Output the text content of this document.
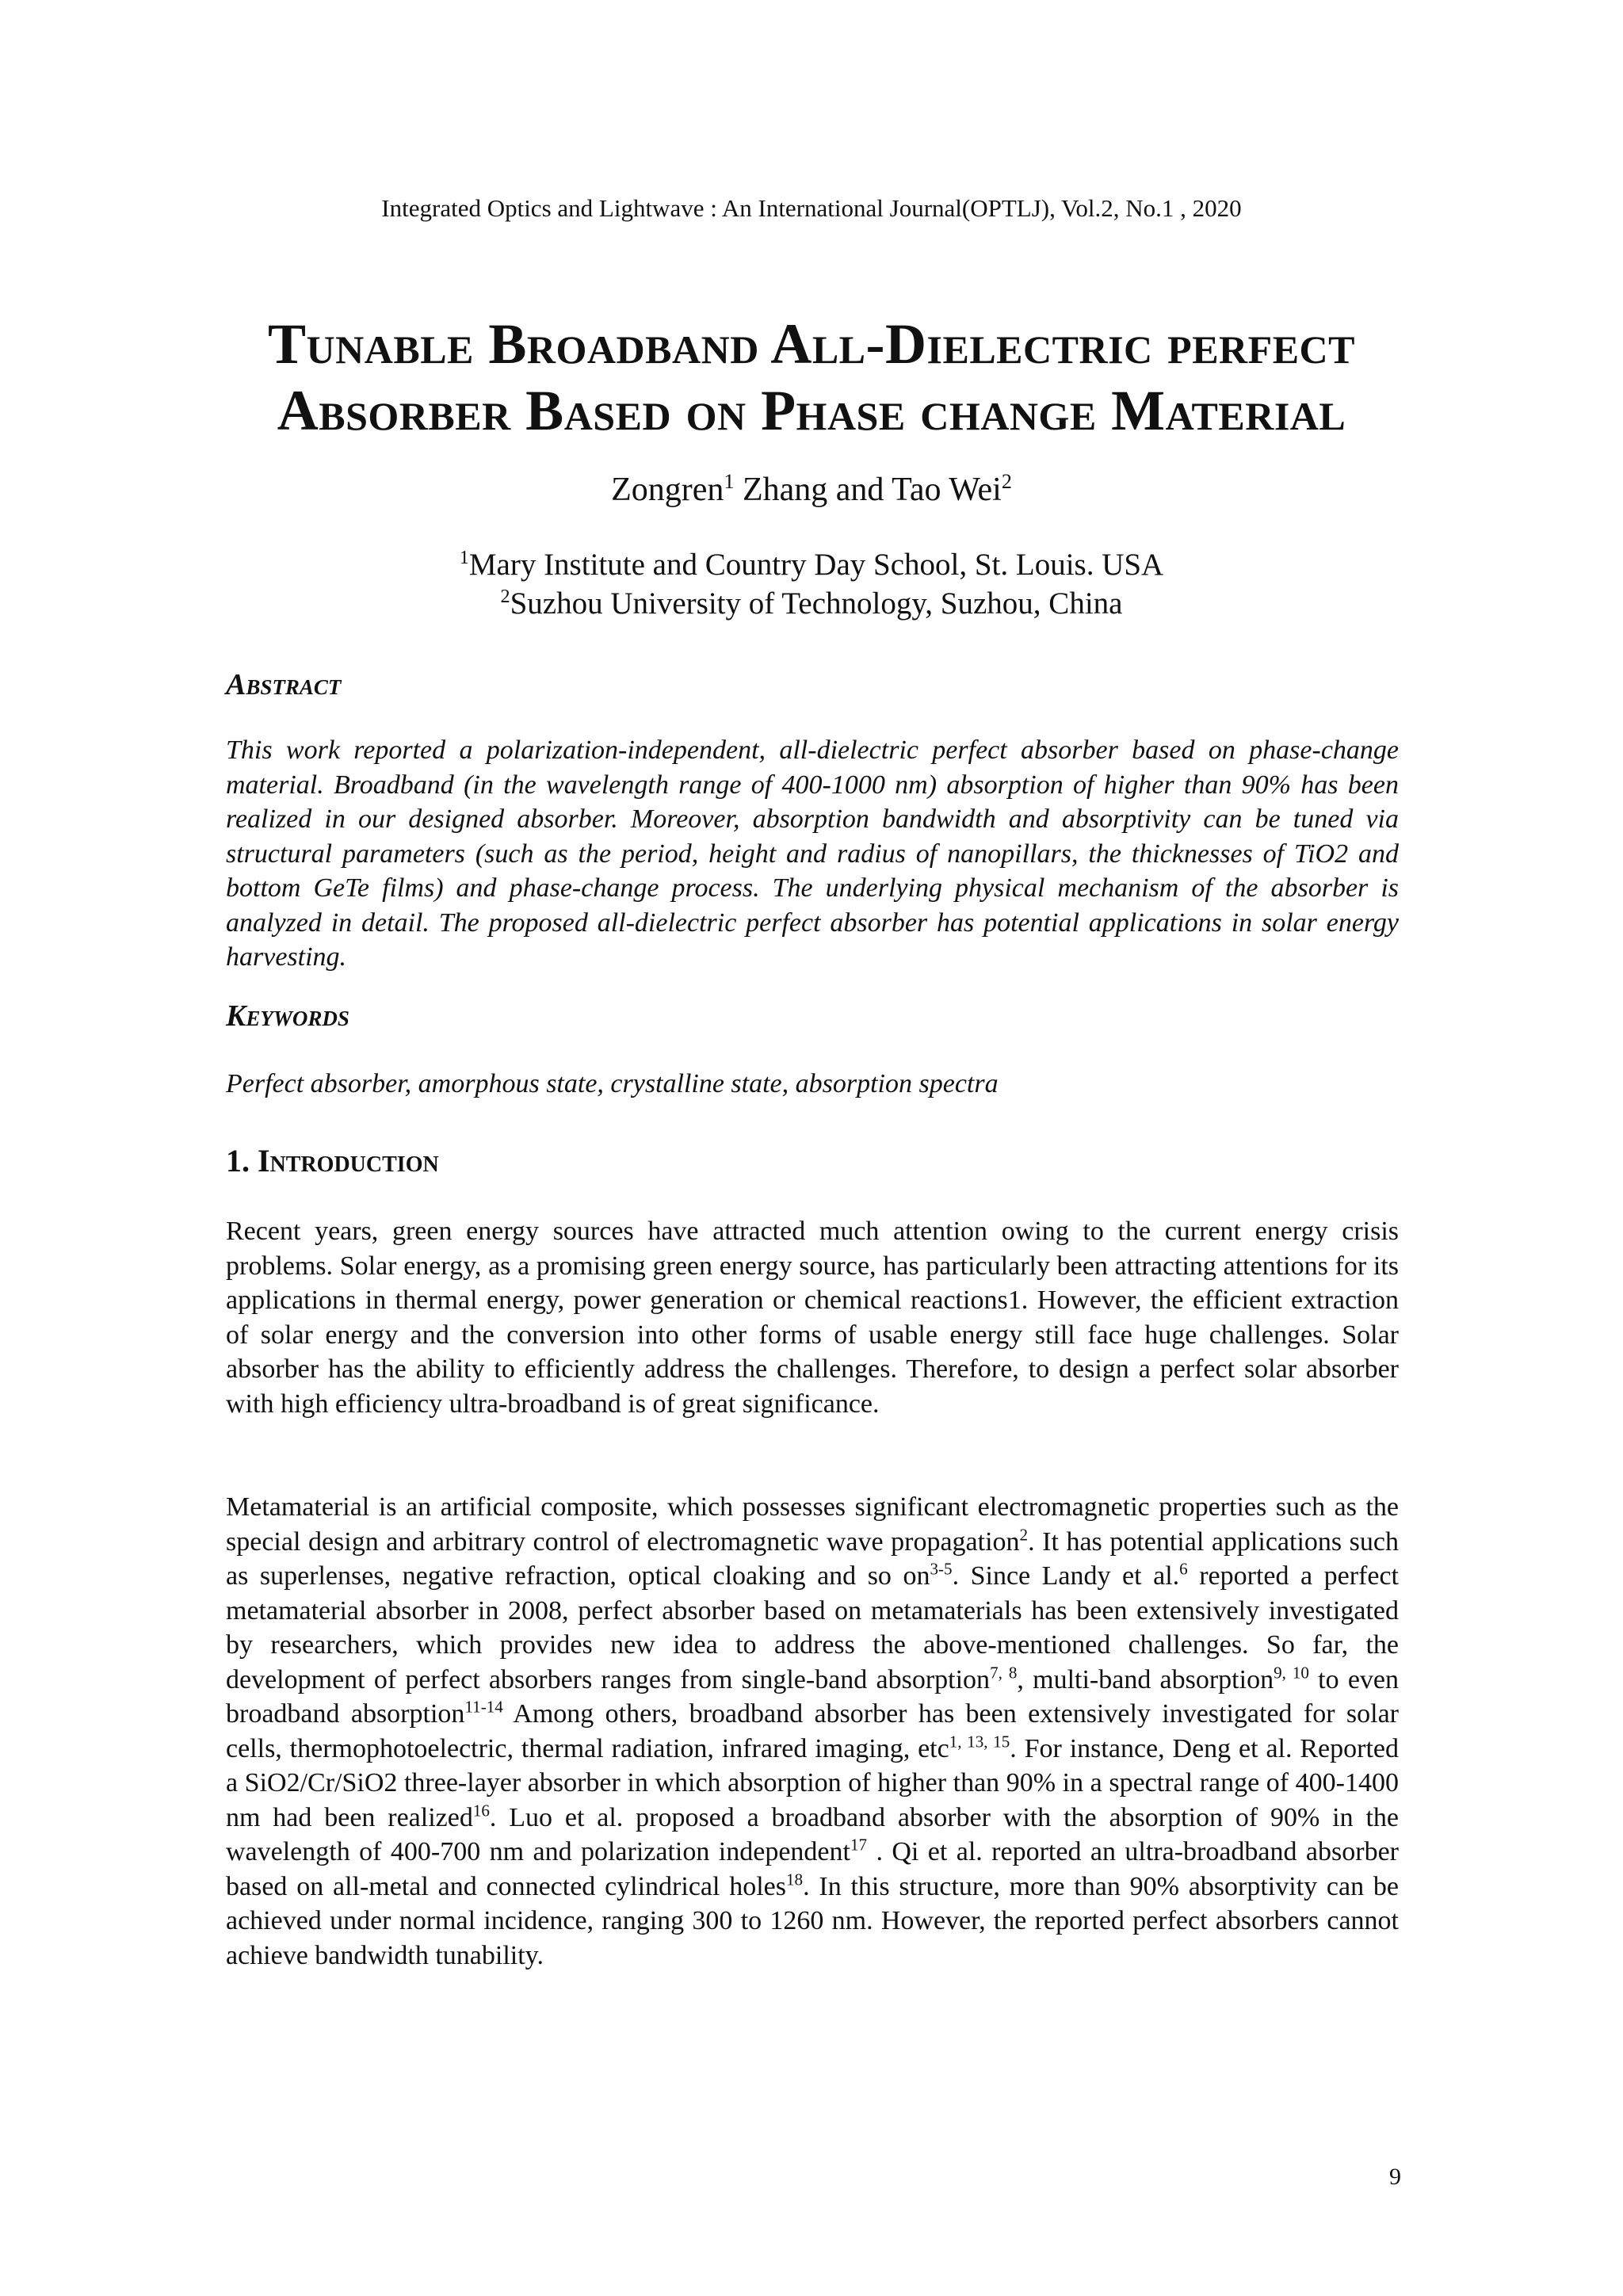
Integrated Optics and Lightwave : An International Journal(OPTLJ), Vol.2, No.1 , 2020
Tunable Broadband All-Dielectric perfect
Absorber Based on Phase change Material
Zongren$^1$ Zhang and Tao Wei$^2$
$^1$Mary Institute and Country Day School, St. Louis. USA
$^2$Suzhou University of Technology, Suzhou, China
Abstract
This work reported a polarization-independent, all-dielectric perfect absorber based on phase-change material. Broadband (in the wavelength range of 400-1000 nm) absorption of higher than 90% has been realized in our designed absorber. Moreover, absorption bandwidth and absorptivity can be tuned via structural parameters (such as the period, height and radius of nanopillars, the thicknesses of TiO2 and bottom GeTe films) and phase-change process. The underlying physical mechanism of the absorber is analyzed in detail. The proposed all-dielectric perfect absorber has potential applications in solar energy harvesting.
Keywords
Perfect absorber, amorphous state, crystalline state, absorption spectra
1. Introduction
Recent years, green energy sources have attracted much attention owing to the current energy crisis problems. Solar energy, as a promising green energy source, has particularly been attracting attentions for its applications in thermal energy, power generation or chemical reactions1. However, the efficient extraction of solar energy and the conversion into other forms of usable energy still face huge challenges. Solar absorber has the ability to efficiently address the challenges. Therefore, to design a perfect solar absorber with high efficiency ultra-broadband is of great significance.
Metamaterial is an artificial composite, which possesses significant electromagnetic properties such as the special design and arbitrary control of electromagnetic wave propagation$^2$. It has potential applications such as superlenses, negative refraction, optical cloaking and so $on^{3-5}$. Since Landy et al.$^6$ reported a perfect metamaterial absorber in 2008, perfect absorber based on metamaterials has been extensively investigated by researchers, which provides new idea to address the above-mentioned challenges. So far, the development of perfect absorbers ranges from single-band absorption$^{7, 8}$, multi-band absorption$^{9, 10}$ to even broadband absorption$^{11-14}$ Among others, broadband absorber has been extensively investigated for solar cells, thermophotoelectric, thermal radiation, infrared imaging, etc$^{1, 13, 15}$. For instance, Deng et al. Reported a SiO2/Cr/SiO2 three-layer absorber in which absorption of higher than 90% in a spectral range of 400-1400 nm had been realized$^{16}$. Luo et al. proposed a broadband absorber with the absorption of 90% in the wavelength of 400-700 nm and polarization independent$^{17}$ . Qi et al. reported an ultra-broadband absorber based on all-metal and connected cylindrical holes$^{18}$. In this structure, more than 90% absorptivity can be achieved under normal incidence, ranging 300 to 1260 nm. However, the reported perfect absorbers cannot achieve bandwidth tunability.
9
